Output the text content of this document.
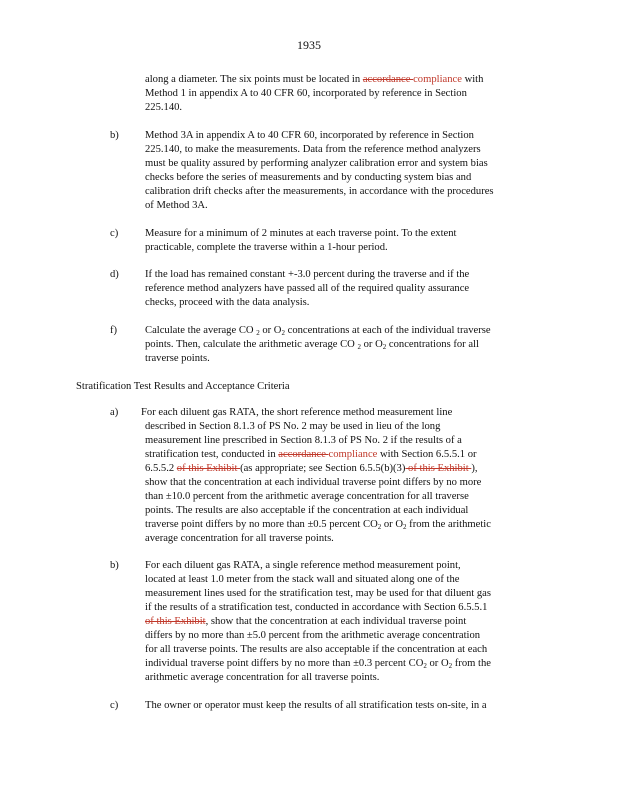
1935
along a diameter. The six points must be located in accordance compliance with
Method 1 in appendix A to 40 CFR 60, incorporated by reference in Section
225.140.
b) Method 3A in appendix A to 40 CFR 60, incorporated by reference in Section
225.140, to make the measurements. Data from the reference method analyzers
must be quality assured by performing analyzer calibration error and system bias
checks before the series of measurements and by conducting system bias and
calibration drift checks after the measurements, in accordance with the procedures
of Method 3A.
c)	Measure for a minimum of 2 minutes at each traverse point. To the extent
practicable, complete the traverse within a 1-hour period.
d) If the load has remained constant +-3.0 percent during the traverse and if the
reference method analyzers have passed all of the required quality assurance
checks, proceed with the data analysis.
f)	Calculate the average CO $_2$ or $O_2$ concentrations at each of the individual traverse
points. Then, calculate the arithmetic average CO $_2$ or $O_2$ concentrations for all
traverse points.
Stratification Test Results and Acceptance Criteria
a) For each diluent gas RATA, the short reference method measurement line
described in Section 8.1.3 of PS No. 2 may be used in lieu of the long
measurement line prescribed in Section 8.1.3 of PS No. 2 if the results of a
stratification test, conducted in accordance compliance with Section 6.5.5.1 or
6.5.5.2 of this Exhibit (as appropriate; see Section 6.5.5(b)(3) of this Exhibit ),
show that the concentration at each individual traverse point differs by no more
than ±10.0 percent from the arithmetic average concentration for all traverse
points. The results are also acceptable if the concentration at each individual
traverse point differs by no more than ±0.5 percent $CO_2$ or $O_2$ from the arithmetic
average concentration for all traverse points.
b) For each diluent gas RATA, a single reference method measurement point,
located at least 1.0 meter from the stack wall and situated along one of the
measurement lines used for the stratification test, may be used for that diluent gas
if the results of a stratification test, conducted in accordance with Section 6.5.5.1
of this Exhibit, show that the concentration at each individual traverse point
differs by no more than ±5.0 percent from the arithmetic average concentration
for all traverse points. The results are also acceptable if the concentration at each
individual traverse point differs by no more than ±0.3 percent $CO_2$ or $O_2$ from the
arithmetic average concentration for all traverse points.
c)	The owner or operator must keep the results of all stratification tests on-site, in a
